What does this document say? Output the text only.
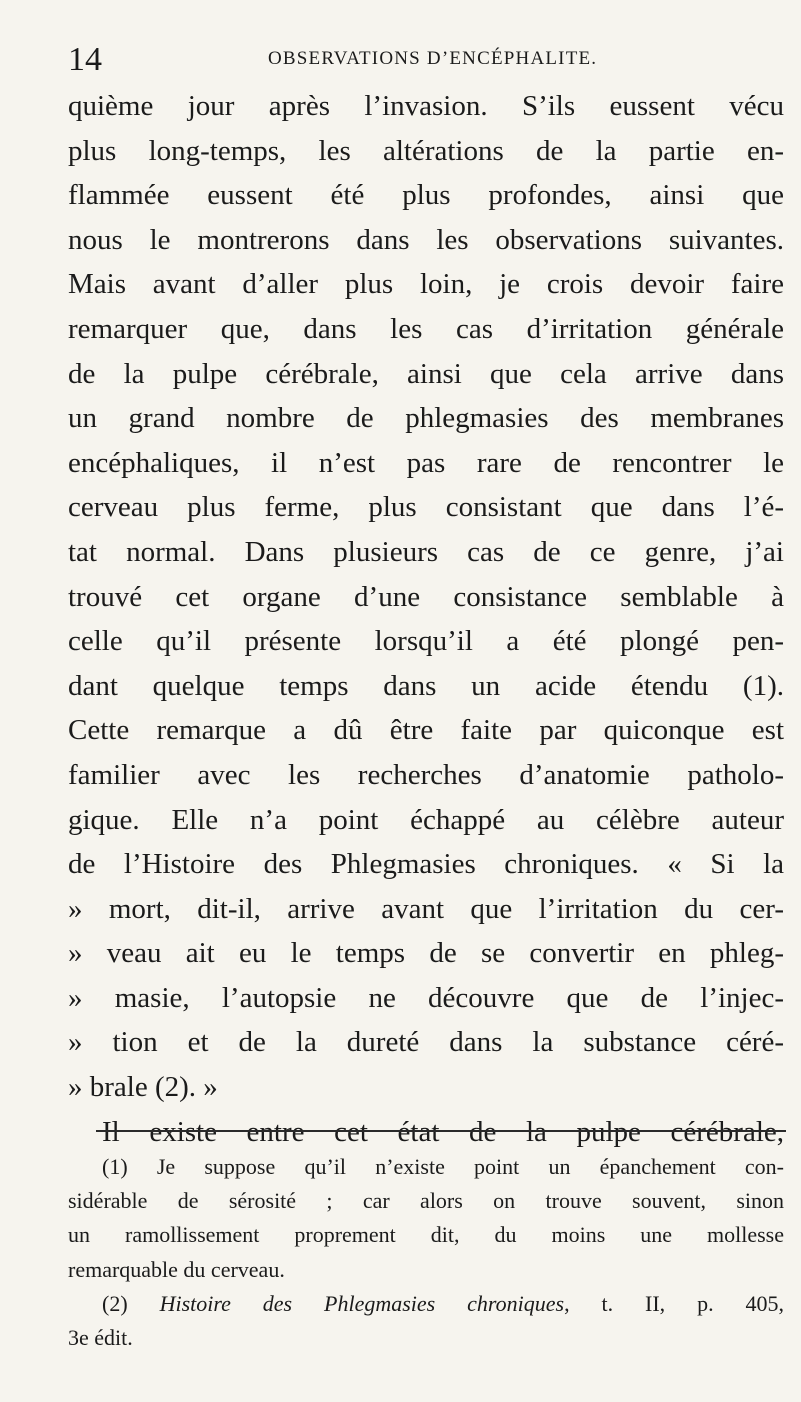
14	OBSERVATIONS D’ENCÉPHALITE.
quième jour après l’invasion. S’ils eussent vécu
plus long-temps, les altérations de la partie en-
flammée eussent été plus profondes, ainsi que
nous le montrerons dans les observations suivantes.
Mais avant d’aller plus loin, je crois devoir faire
remarquer que, dans les cas d’irritation générale
de la pulpe cérébrale, ainsi que cela arrive dans
un grand nombre de phlegmasies des membranes
encéphaliques, il n’est pas rare de rencontrer le
cerveau plus ferme, plus consistant que dans l’é-
tat normal. Dans plusieurs cas de ce genre, j’ai
trouvé cet organe d’une consistance semblable à
celle qu’il présente lorsqu’il a été plongé pen-
dant quelque temps dans un acide étendu (1).
Cette remarque a dû être faite par quiconque est
familier avec les recherches d’anatomie patholo-
gique. Elle n’a point échappé au célèbre auteur
de l’Histoire des Phlegmasies chroniques. « Si la
» mort, dit-il, arrive avant que l’irritation du cer-
» veau ait eu le temps de se convertir en phleg-
» masie, l’autopsie ne découvre que de l’injec-
» tion et de la dureté dans la substance céré-
» brale (2). »
Il existe entre cet état de la pulpe cérébrale,
(1) Je suppose qu’il n’existe point un épanchement con-
sidérable de sérosité ; car alors on trouve souvent, sinon
un ramollissement proprement dit, du moins une mollesse
remarquable du cerveau.
(2) Histoire des Phlegmasies chroniques, t. II, p. 405,
3e édit.
